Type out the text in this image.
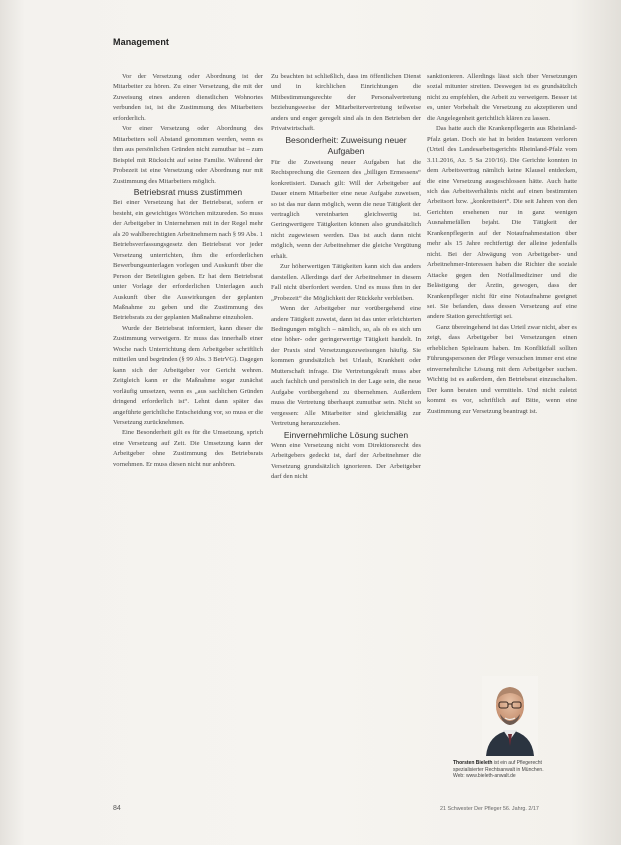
Management

Vor der Versetzung oder Abordnung ist der Mitarbeiter zu hören. Zu einer Versetzung, die mit der Zuweisung eines anderen dienstlichen Wohnortes verbunden ist, ist die Zustimmung des Mitarbeiters erforderlich.

Vor einer Versetzung oder Abordnung des Mitarbeiters soll Abstand genommen werden, wenn es ihm aus persönlichen Gründen nicht zumutbar ist – zum Beispiel mit Rücksicht auf seine Familie. Während der Probezeit ist eine Versetzung oder Abordnung nur mit Zustimmung des Mitarbeiters möglich.

Betriebsrat muss zustimmen

Bei einer Versetzung hat der Betriebsrat, sofern er besteht, ein gewichtiges Wörtchen mitzureden. So muss der Arbeitgeber in Unternehmen mit in der Regel mehr als 20 wahlberechtigten Arbeitnehmern nach § 99 Abs. 1 Betriebsverfassungsgesetz den Betriebsrat vor jeder Versetzung unterrichten, ihm die erforderlichen Bewerbungsunterlagen vorlegen und Auskunft über die Person der Beteiligten geben. Er hat dem Betriebsrat unter Vorlage der erforderlichen Unterlagen auch Auskunft über die Auswirkungen der geplanten Maßnahme zu geben und die Zustimmung des Betriebsrats zu der geplanten Maßnahme einzuholen.

Wurde der Betriebsrat informiert, kann dieser die Zustimmung verweigern. Er muss das innerhalb einer Woche nach Unterrichtung dem Arbeitgeber schriftlich mitteilen und begründen (§ 99 Abs. 3 BetrVG). Dagegen kann sich der Arbeitgeber vor Gericht wehren. Zeitgleich kann er die Maßnahme sogar zunächst vorläufig umsetzen, wenn es „aus sachlichen Gründen dringend erforderlich ist“. Lehnt dann später das angeführte gerichtliche Entscheidung vor, so muss er die Versetzung zurücknehmen.

Eine Besonderheit gilt es für die Umsetzung, sprich eine Versetzung auf Zeit. Die Umsetzung kann der Arbeitgeber ohne Zustimmung des Betriebsrats vornehmen. Er muss diesen nicht nur anhören.

Zu beachten ist schließlich, dass im öffentlichen Dienst und in kirchlichen Einrichtungen die Mitbestimmungsrechte der Personalvertretung beziehungsweise der Mitarbeitervertretung teilweise anders und enger geregelt sind als in den Betrieben der Privatwirtschaft.

Besonderheit: Zuweisung neuer Aufgaben

Für die Zuweisung neuer Aufgaben hat die Rechtsprechung die Grenzen des „billigen Ermessens“ konkretisiert. Danach gilt: Will der Arbeitgeber auf Dauer einem Mitarbeiter eine neue Aufgabe zuweisen, so ist das nur dann möglich, wenn die neue Tätigkeit der vertraglich vereinbarten gleichwertig ist. Geringwertigere Tätigkeiten können also grundsätzlich nicht zugewiesen werden. Das ist auch dann nicht möglich, wenn der Arbeitnehmer die gleiche Vergütung erhält.

Zur höherwertigen Tätigkeiten kann sich das anders darstellen. Allerdings darf der Arbeitnehmer in diesem Fall nicht überfordert werden. Und es muss ihm in der „Probezeit“ die Möglichkeit der Rückkehr verbleiben.

Wenn der Arbeitgeber nur vorübergehend eine andere Tätigkeit zuweist, dann ist das unter erleichterten Bedingungen möglich – nämlich, so, als ob es sich um eine höher- oder geringerwertige Tätigkeit handelt. In der Praxis sind Versetzungszuweisungen häufig. Sie kommen grundsätzlich bei Urlaub, Krankheit oder Mutterschaft infrage. Die Vertretungskraft muss aber auch fachlich und persönlich in der Lage sein, die neue Aufgabe vorübergehend zu übernehmen. Außerdem muss die Vertretung überhaupt zumutbar sein. Nicht so vergessen: Alle Mitarbeiter sind gleichmäßig zur Vertretung heranzuziehen.

Einvernehmliche Lösung suchen

Wenn eine Versetzung nicht vom Direktionsrecht des Arbeitgebers gedeckt ist, darf der Arbeitnehmer die Versetzung grundsätzlich ignorieren. Der Arbeitgeber darf den nicht

sanktionieren. Allerdings lässt sich über Versetzungen sozial mitunter streiten. Deswegen ist es grundsätzlich nicht zu empfehlen, die Arbeit zu verweigern. Besser ist es, unter Vorbehalt die Versetzung zu akzeptieren und die Angelegenheit gerichtlich klären zu lassen.

Das hatte auch die Krankenpflegerin aus Rheinland-Pfalz getan. Doch sie hat in beiden Instanzen verloren (Urteil des Landesarbeitsgerichts Rheinland-Pfalz vom 3.11.2016, Az. 5 Sa 210/16). Die Gerichte konnten in dem Arbeitsvertrag nämlich keine Klausel entdecken, die eine Versetzung ausgeschlossen hätte. Auch hatte sich das Arbeitsverhältnis nicht auf einen bestimmten Arbeitsort bzw. „konkretisiert“. Die seit Jahren von den Gerichten ersehenen nur in ganz wenigen Ausnahmefällen bejaht. Die Tätigkeit der Krankenpflegerin auf der Notaufnahmestation über mehr als 15 Jahre rechtfertigt der alleine jedenfalls nicht. Bei der Abwägung von Arbeitgeber- und Arbeitnehmer-Interessen haben die Richter die soziale Attacke gegen den Notfallmediziner und die Belästigung der Ärztin, gewogen, dass der Krankenpfleger nicht für eine Notaufnahme geeignet sei. Sie befanden, dass dessen Versetzung auf eine andere Station gerechtfertigt sei.

Ganz übereingehend ist das Urteil zwar nicht, aber es zeigt, dass Arbeitgeber bei Versetzungen einen erheblichen Spielraum haben. Im Konfliktfall sollten Führungspersonen der Pflege versuchen immer erst eine einvernehmliche Lösung mit dem Arbeitgeber suchen. Wichtig ist es außerdem, den Betriebsrat einzuschalten. Der kann beraten und vermitteln. Und nicht zuletzt kommt es vor, schriftlich auf Bitte, wenn eine Zustimmung zur Versetzung beantragt ist.

Thorsten Bieleth ist ein auf Pflegerecht
spezialisierter Rechtsanwalt in München.
Web: www.bieleth-anwalt.de
84	21 Schwester Der Pfleger 56. Jahrg. 2/17
